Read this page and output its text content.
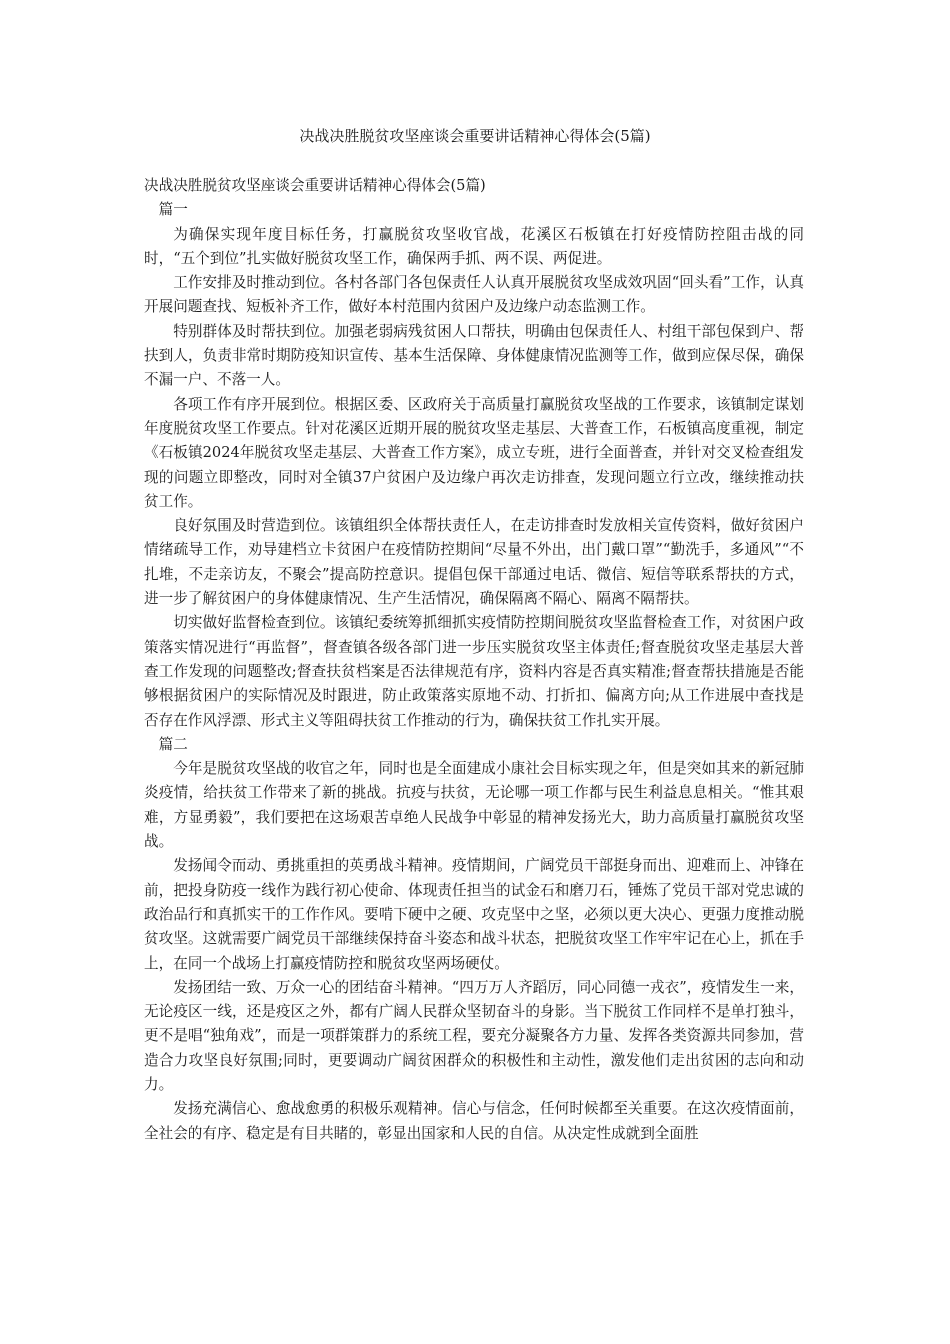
决战决胜脱贫攻坚座谈会重要讲话精神心得体会(5篇)

决战决胜脱贫攻坚座谈会重要讲话精神心得体会(5篇)

篇一

为确保实现年度目标任务，打赢脱贫攻坚收官战，花溪区石板镇在打好疫情防控阻击战的同时，“五个到位”扎实做好脱贫攻坚工作，确保两手抓、两不误、两促进。

工作安排及时推动到位。各村各部门各包保责任人认真开展脱贫攻坚成效巩固“回头看”工作，认真开展问题查找、短板补齐工作，做好本村范围内贫困户及边缘户动态监测工作。

特别群体及时帮扶到位。加强老弱病残贫困人口帮扶，明确由包保责任人、村组干部包保到户、帮扶到人，负责非常时期防疫知识宣传、基本生活保障、身体健康情况监测等工作，做到应保尽保，确保不漏一户、不落一人。

各项工作有序开展到位。根据区委、区政府关于高质量打赢脱贫攻坚战的工作要求，该镇制定谋划年度脱贫攻坚工作要点。针对花溪区近期开展的脱贫攻坚走基层、大普查工作，石板镇高度重视，制定《石板镇2024年脱贫攻坚走基层、大普查工作方案》，成立专班，进行全面普查，并针对交叉检查组发现的问题立即整改，同时对全镇37户贫困户及边缘户再次走访排查，发现问题立行立改，继续推动扶贫工作。

良好氛围及时营造到位。该镇组织全体帮扶责任人，在走访排查时发放相关宣传资料，做好贫困户情绪疏导工作，劝导建档立卡贫困户在疫情防控期间“尽量不外出，出门戴口罩”“勤洗手，多通风”“不扎堆，不走亲访友，不聚会”提高防控意识。提倡包保干部通过电话、微信、短信等联系帮扶的方式，进一步了解贫困户的身体健康情况、生产生活情况，确保隔离不隔心、隔离不隔帮扶。

切实做好监督检查到位。该镇纪委统筹抓细抓实疫情防控期间脱贫攻坚监督检查工作，对贫困户政策落实情况进行“再监督”，督查镇各级各部门进一步压实脱贫攻坚主体责任;督查脱贫攻坚走基层大普查工作发现的问题整改;督查扶贫档案是否法律规范有序，资料内容是否真实精准;督查帮扶措施是否能够根据贫困户的实际情况及时跟进，防止政策落实原地不动、打折扣、偏离方向;从工作进展中查找是否存在作风浮漂、形式主义等阻碍扶贫工作推动的行为，确保扶贫工作扎实开展。

篇二

今年是脱贫攻坚战的收官之年，同时也是全面建成小康社会目标实现之年，但是突如其来的新冠肺炎疫情，给扶贫工作带来了新的挑战。抗疫与扶贫，无论哪一项工作都与民生利益息息相关。“惟其艰难，方显勇毅”，我们要把在这场艰苦卓绝人民战争中彰显的精神发扬光大，助力高质量打赢脱贫攻坚战。

发扬闻令而动、勇挑重担的英勇战斗精神。疫情期间，广阔党员干部挺身而出、迎难而上、冲锋在前，把投身防疫一线作为践行初心使命、体现责任担当的试金石和磨刀石，锤炼了党员干部对党忠诚的政治品行和真抓实干的工作作风。要啃下硬中之硬、攻克坚中之坚，必须以更大决心、更强力度推动脱贫攻坚。这就需要广阔党员干部继续保持奋斗姿态和战斗状态，把脱贫攻坚工作牢牢记在心上，抓在手上，在同一个战场上打赢疫情防控和脱贫攻坚两场硬仗。

发扬团结一致、万众一心的团结奋斗精神。“四万万人齐蹈厉，同心同德一戎衣”，疫情发生一来，无论疫区一线，还是疫区之外，都有广阔人民群众坚韧奋斗的身影。当下脱贫工作同样不是单打独斗，更不是唱“独角戏”，而是一项群策群力的系统工程，要充分凝聚各方力量、发挥各类资源共同参加，营造合力攻坚良好氛围;同时，更要调动广阔贫困群众的积极性和主动性，激发他们走出贫困的志向和动力。

发扬充满信心、愈战愈勇的积极乐观精神。信心与信念，任何时候都至关重要。在这次疫情面前，全社会的有序、稳定是有目共睹的，彰显出国家和人民的自信。从决定性成就到全面胜
